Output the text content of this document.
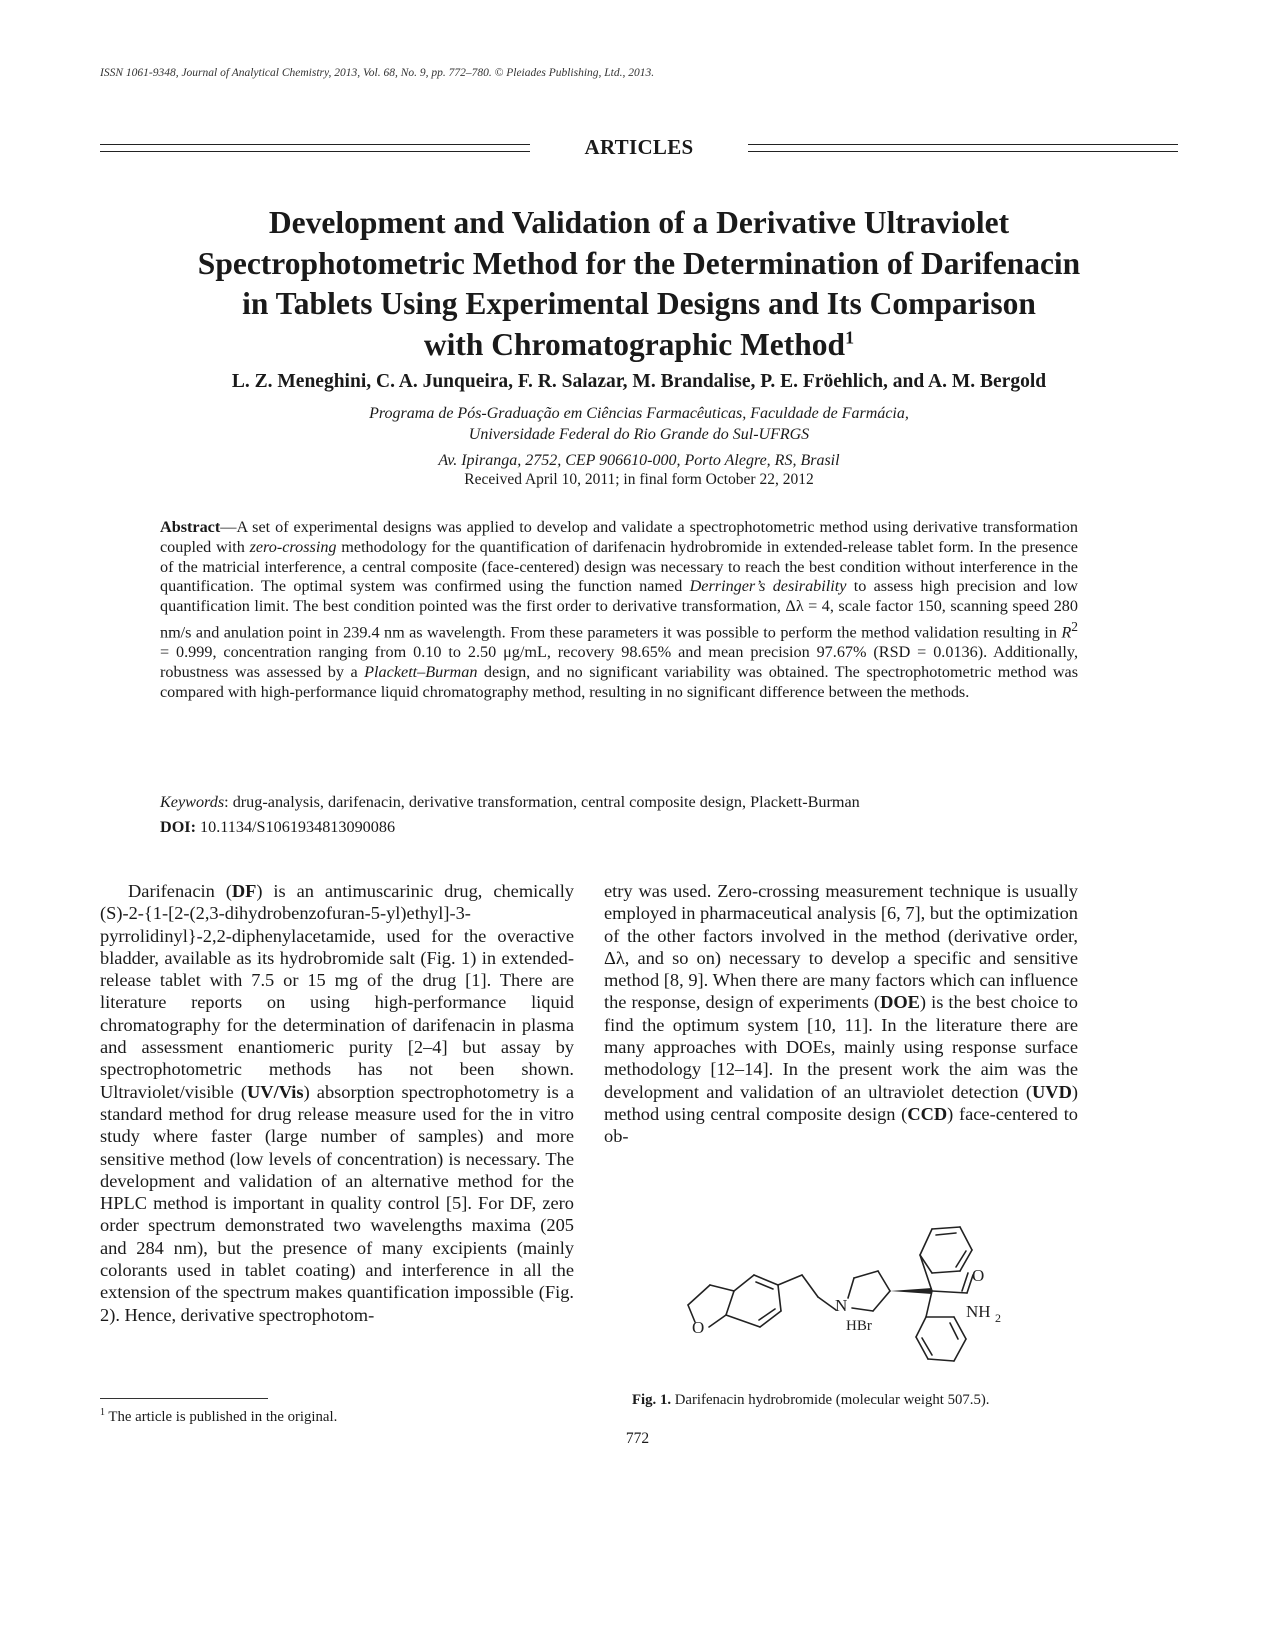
ISSN 1061-9348, Journal of Analytical Chemistry, 2013, Vol. 68, No. 9, pp. 772–780. © Pleiades Publishing, Ltd., 2013.
ARTICLES
Development and Validation of a Derivative Ultraviolet
Spectrophotometric Method for the Determination of Darifenacin
in Tablets Using Experimental Designs and Its Comparison
with Chromatographic Method$^1$
L. Z. Meneghini, C. A. Junqueira, F. R. Salazar, M. Brandalise, P. E. Fröehlich, and A. M. Bergold
Programa de Pós-Graduação em Ciências Farmacêuticas, Faculdade de Farmácia,
Universidade Federal do Rio Grande do Sul-UFRGS
Av. Ipiranga, 2752, CEP 906610-000, Porto Alegre, RS, Brasil
Received April 10, 2011; in final form October 22, 2012

Abstract—A set of experimental designs was applied to develop and validate a spectrophotometric method using derivative transformation coupled with zero-crossing methodology for the quantification of darifenacin hydrobromide in extended-release tablet form. In the presence of the matricial interference, a central composite (face-centered) design was necessary to reach the best condition without interference in the quantification. The optimal system was confirmed using the function named Derringer’s desirability to assess high precision and low quantification limit. The best condition pointed was the first order to derivative transformation, Δλ = 4, scale factor 150, scanning speed 280 nm/s and anulation point in 239.4 nm as wavelength. From these parameters it was possible to perform the method validation resulting in $R^2 = 0.999$, concentration ranging from 0.10 to 2.50 μg/mL, recovery 98.65% and mean precision 97.67% (RSD = 0.0136). Additionally, robustness was assessed by a Plackett–Burman design, and no significant variability was obtained. The spectrophotometric method was compared with high-performance liquid chromatography method, resulting in no significant difference between the methods.

Keywords: drug-analysis, darifenacin, derivative transformation, central composite design, Plackett-Burman
DOI: 10.1134/S1061934813090086

Darifenacin (DF) is an antimuscarinic drug, chemically (S)-2-{1-[2-(2,3-dihydrobenzofuran-5-yl)ethyl]-3-pyrrolidinyl}-2,2-diphenylacetamide, used for the overactive bladder, available as its hydrobromide salt (Fig. 1) in extended-release tablet with 7.5 or 15 mg of the drug [1]. There are literature reports on using high-performance liquid chromatography for the determination of darifenacin in plasma and assessment enantiomeric purity [2–4] but assay by spectrophotometric methods has not been shown. Ultraviolet/visible (UV/Vis) absorption spectrophotometry is a standard method for drug release measure used for the in vitro study where faster (large number of samples) and more sensitive method (low levels of concentration) is necessary. The development and validation of an alternative method for the HPLC method is important in quality control [5]. For DF, zero order spectrum demonstrated two wavelengths maxima (205 and 284 nm), but the presence of many excipients (mainly colorants used in tablet coating) and interference in all the extension of the spectrum makes quantification impossible (Fig. 2). Hence, derivative spectrophotom-

etry was used. Zero-crossing measurement technique is usually employed in pharmaceutical analysis [6, 7], but the optimization of the other factors involved in the method (derivative order, Δλ, and so on) necessary to develop a specific and sensitive method [8, 9]. When there are many factors which can influence the response, design of experiments (DOE) is the best choice to find the optimum system [10, 11]. In the literature there are many approaches with DOEs, mainly using response surface methodology [12–14]. In the present work the aim was the development and validation of an ultraviolet detection (UVD) method using central composite design (CCD) face-centered to ob-

O
N
HBr
O
NH 2

Fig. 1. Darifenacin hydrobromide (molecular weight 507.5).

$^1$ The article is published in the original.
772
